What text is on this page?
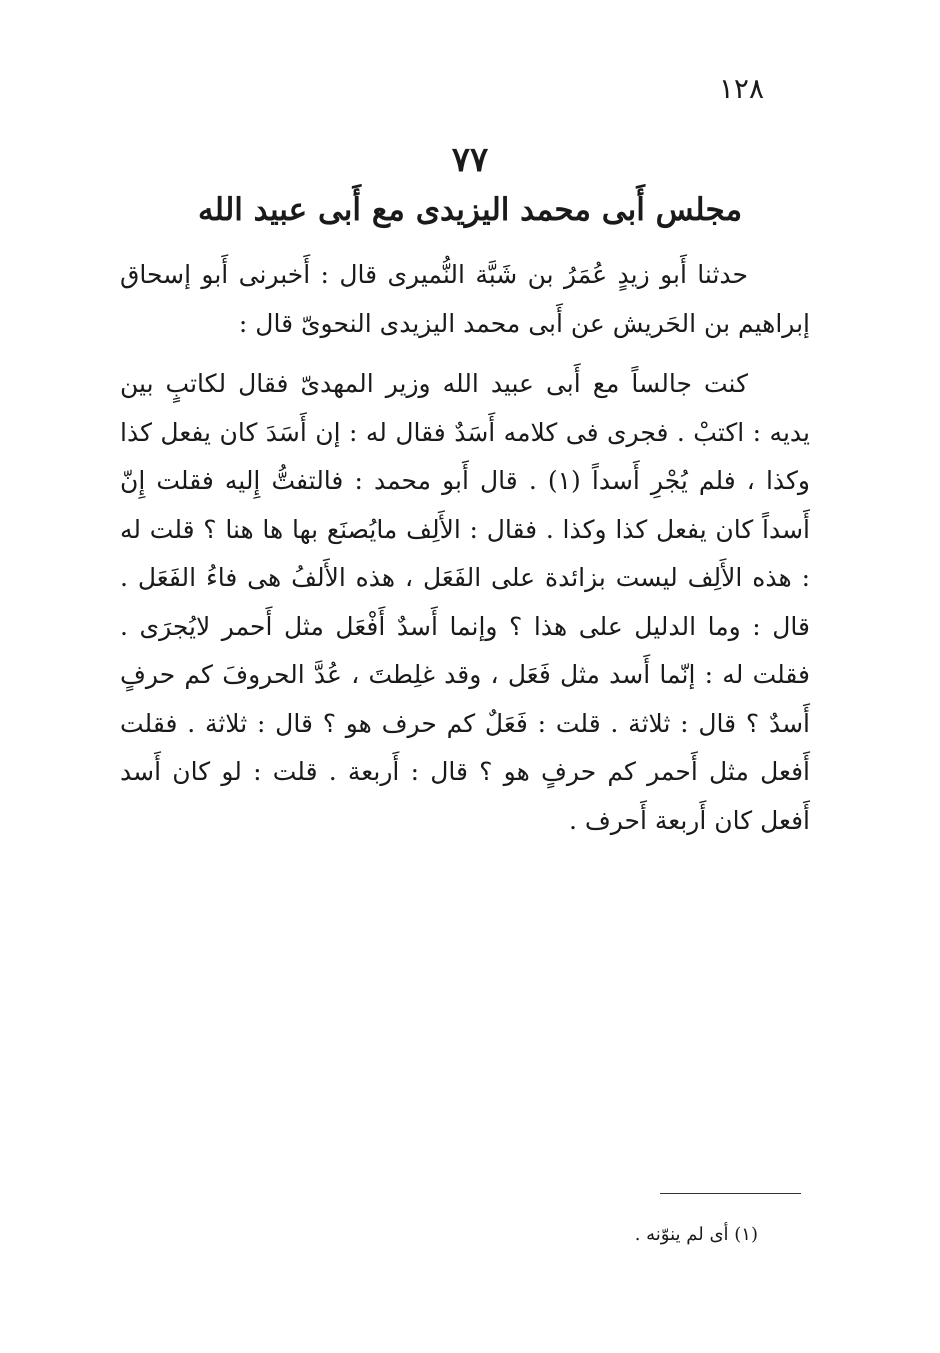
١٢٨
٧٧
مجلس أَبى محمد اليزيدى مع أَبى عبيد الله

حدثنا أَبو زيدٍ عُمَرُ بن شَبَّة النُّميرى قال : أَخبرنى أَبو إسحاق إبراهيم بن الحَريش عن أَبى محمد اليزيدى النحوىّ قال :

كنت جالساً مع أَبى عبيد الله وزير المهدىّ فقال لكاتبٍ بين يديه : اكتبْ . فجرى فى كلامه أَسَدٌ فقال له : إن أَسَدَ كان يفعل كذا وكذا ، فلم يُجْرِ أَسداً (١) . قال أَبو محمد : فالتفتُّ إِليه فقلت إِنّ أَسداً كان يفعل كذا وكذا . فقال : الأَلِف مايُصنَع بها ها هنا ؟ قلت له : هذه الأَلِف ليست بزائدة على الفَعَل ، هذه الأَلفُ هى فاءُ الفَعَل . قال : وما الدليل على هذا ؟ وإنما أَسدٌ أَفْعَل مثل أَحمر لايُجرَى . فقلت له : إنّما أَسد مثل فَعَل ، وقد غلِطتَ ، عُدَّ الحروفَ كم حرفٍ أَسدٌ ؟ قال : ثلاثة . قلت : فَعَلٌ كم حرف هو ؟ قال : ثلاثة . فقلت أَفعل مثل أَحمر كم حرفٍ هو ؟ قال : أَربعة . قلت : لو كان أَسد أَفعل كان أَربعة أَحرف .

(١) أى لم ينوّنه .
